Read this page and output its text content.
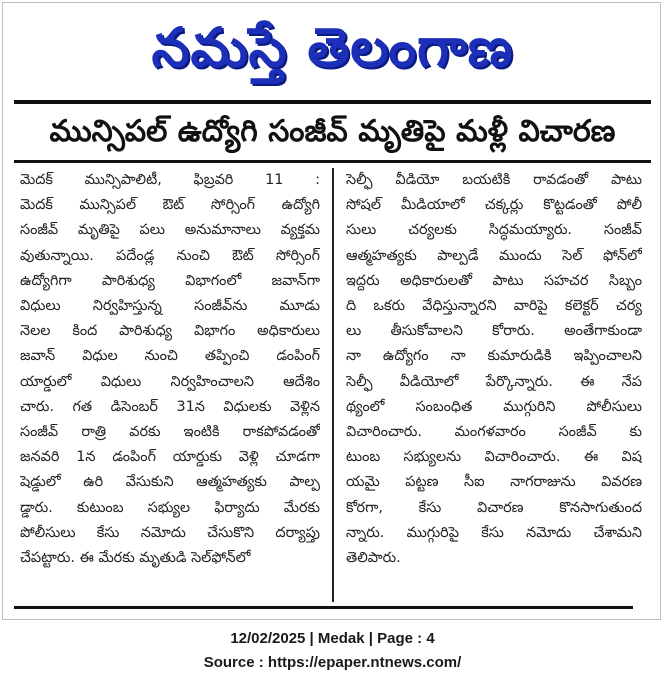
నమస్తే తెలంగాణ
మున్సిపల్ ఉద్యోగి సంజీవ్ మృతిపై మళ్లీ విచారణ
మెదక్ మున్సిపాలిటీ, ఫిబ్రవరి 11 :
మెదక్ మున్సిపల్ ఔట్ సోర్సింగ్ ఉద్యోగి
సంజీవ్ మృతిపై పలు అనుమానాలు వ్యక్తమ
వుతున్నాయి. పదేండ్ల నుంచి ఔట్ సోర్సింగ్
ఉద్యోగిగా పారిశుధ్య విభాగంలో జవాన్‌గా
విధులు నిర్వహిస్తున్న సంజీవ్‌ను మూడు
నెలల కింద పారిశుధ్య విభాగం అధికారులు
జవాన్ విధుల నుంచి తప్పించి డంపింగ్
యార్డులో విధులు నిర్వహించాలని ఆదేశిం
చారు. గత డిసెంబర్ 31న విధులకు వెళ్లిన
సంజీవ్ రాత్రి వరకు ఇంటికి రాకపోవడంతో
జనవరి 1న డంపింగ్ యార్డుకు వెళ్లి చూడగా
షెడ్డులో ఉరి వేసుకుని ఆత్మహత్యకు పాల్ప
డ్డారు. కుటుంబ సభ్యుల ఫిర్యాదు మేరకు
పోలీసులు కేసు నమోదు చేసుకొని దర్యాప్తు
చేపట్టారు. ఈ మేరకు మృతుడి సెల్‌ఫోన్‌లో
సెల్ఫీ వీడియో బయటికి రావడంతో పాటు
సోషల్ మీడియాలో చక్కర్లు కొట్టడంతో పోలీ
సులు చర్యలకు సిద్ధమయ్యారు. సంజీవ్
ఆత్మహత్యకు పాల్పడే ముందు సెల్ ఫోన్‌లో
ఇద్దరు అధికారులతో పాటు సహచర సిబ్బం
ది ఒకరు వేధిస్తున్నారని వారిపై కలెక్టర్ చర్య
లు తీసుకోవాలని కోరారు. అంతేగాకుండా
నా ఉద్యోగం నా కుమారుడికి ఇప్పించాలని
సెల్ఫీ వీడియోలో పేర్కొన్నారు. ఈ నేప
థ్యంలో సంబంధిత ముగ్గురిని పోలీసులు
విచారించారు. మంగళవారం సంజీవ్ కు
టుంబ సభ్యులను విచారించారు. ఈ విష
యమై పట్టణ సీఐ నాగరాజును వివరణ
కోరగా, కేసు విచారణ కొనసాగుతుంద
న్నారు. ముగ్గురిపై కేసు నమోదు చేశామని
తెలిపారు.
12/02/2025 | Medak | Page : 4
Source : https://epaper.ntnews.com/
